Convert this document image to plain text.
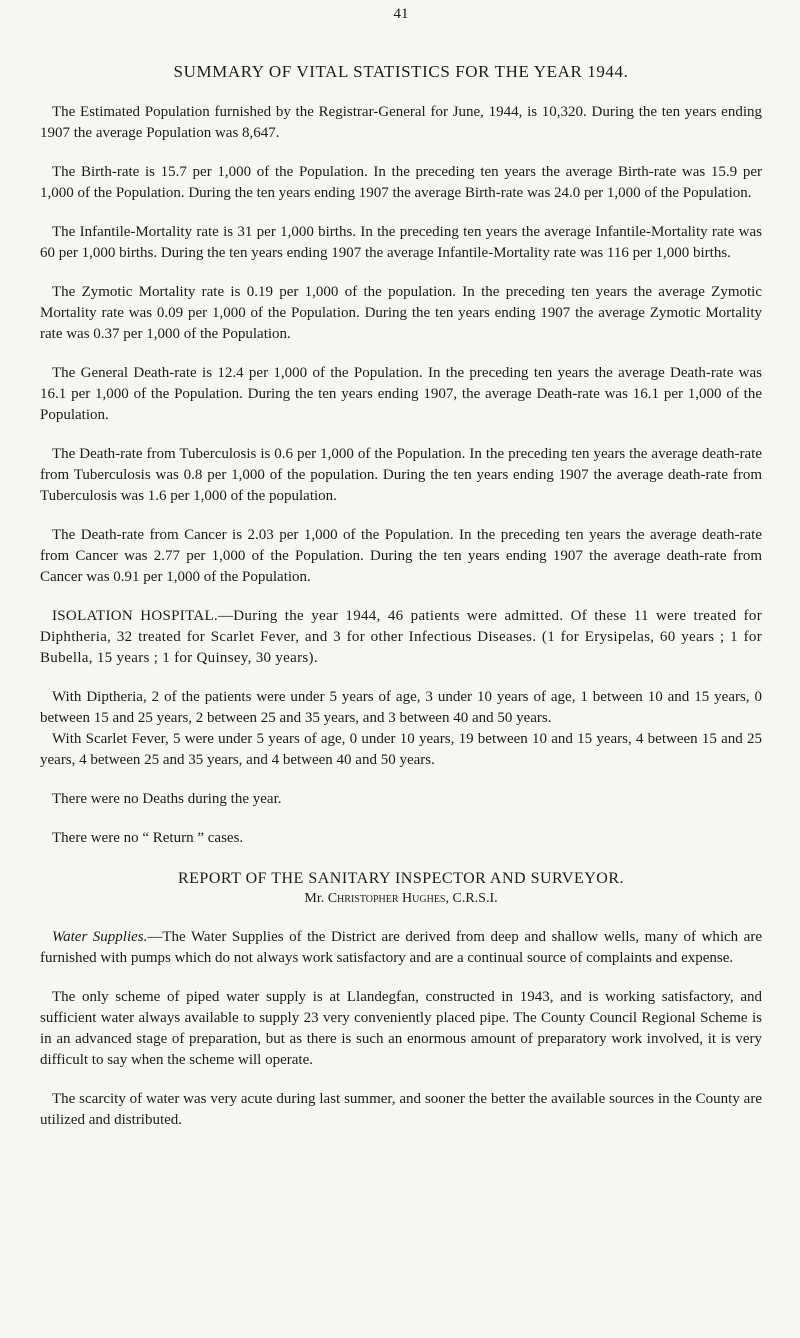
41
SUMMARY OF VITAL STATISTICS FOR THE YEAR 1944.

The Estimated Population furnished by the Registrar-General for June, 1944, is 10,320. During the ten years ending 1907 the average Population was 8,647.

The Birth-rate is 15.7 per 1,000 of the Population. In the preceding ten years the average Birth-rate was 15.9 per 1,000 of the Population. During the ten years ending 1907 the average Birth-rate was 24.0 per 1,000 of the Population.

The Infantile-Mortality rate is 31 per 1,000 births. In the preceding ten years the average Infantile-Mortality rate was 60 per 1,000 births. During the ten years ending 1907 the average Infantile-Mortality rate was 116 per 1,000 births.

The Zymotic Mortality rate is 0.19 per 1,000 of the population. In the preceding ten years the average Zymotic Mortality rate was 0.09 per 1,000 of the Population. During the ten years ending 1907 the average Zymotic Mortality rate was 0.37 per 1,000 of the Population.

The General Death-rate is 12.4 per 1,000 of the Population. In the preceding ten years the average Death-rate was 16.1 per 1,000 of the Population. During the ten years ending 1907, the average Death-rate was 16.1 per 1,000 of the Population.

The Death-rate from Tuberculosis is 0.6 per 1,000 of the Population. In the preceding ten years the average death-rate from Tuberculosis was 0.8 per 1,000 of the population. During the ten years ending 1907 the average death-rate from Tuberculosis was 1.6 per 1,000 of the population.

The Death-rate from Cancer is 2.03 per 1,000 of the Population. In the preceding ten years the average death-rate from Cancer was 2.77 per 1,000 of the Population. During the ten years ending 1907 the average death-rate from Cancer was 0.91 per 1,000 of the Population.

ISOLATION HOSPITAL.—During the year 1944, 46 patients were admitted. Of these 11 were treated for Diphtheria, 32 treated for Scarlet Fever, and 3 for other Infectious Diseases. (1 for Erysipelas, 60 years ; 1 for Bubella, 15 years ; 1 for Quinsey, 30 years).

With Diptheria, 2 of the patients were under 5 years of age, 3 under 10 years of age, 1 between 10 and 15 years, 0 between 15 and 25 years, 2 between 25 and 35 years, and 3 between 40 and 50 years.

With Scarlet Fever, 5 were under 5 years of age, 0 under 10 years, 19 between 10 and 15 years, 4 between 15 and 25 years, 4 between 25 and 35 years, and 4 between 40 and 50 years.

There were no Deaths during the year.

There were no “ Return ” cases.

REPORT OF THE SANITARY INSPECTOR AND SURVEYOR.
Mr. Christopher Hughes, C.R.S.I.

Water Supplies.—The Water Supplies of the District are derived from deep and shallow wells, many of which are furnished with pumps which do not always work satisfactory and are a continual source of complaints and expense.

The only scheme of piped water supply is at Llandegfan, constructed in 1943, and is working satisfactory, and sufficient water always available to supply 23 very conveniently placed pipe. The County Council Regional Scheme is in an advanced stage of preparation, but as there is such an enormous amount of preparatory work involved, it is very difficult to say when the scheme will operate.

The scarcity of water was very acute during last summer, and sooner the better the available sources in the County are utilized and distributed.
